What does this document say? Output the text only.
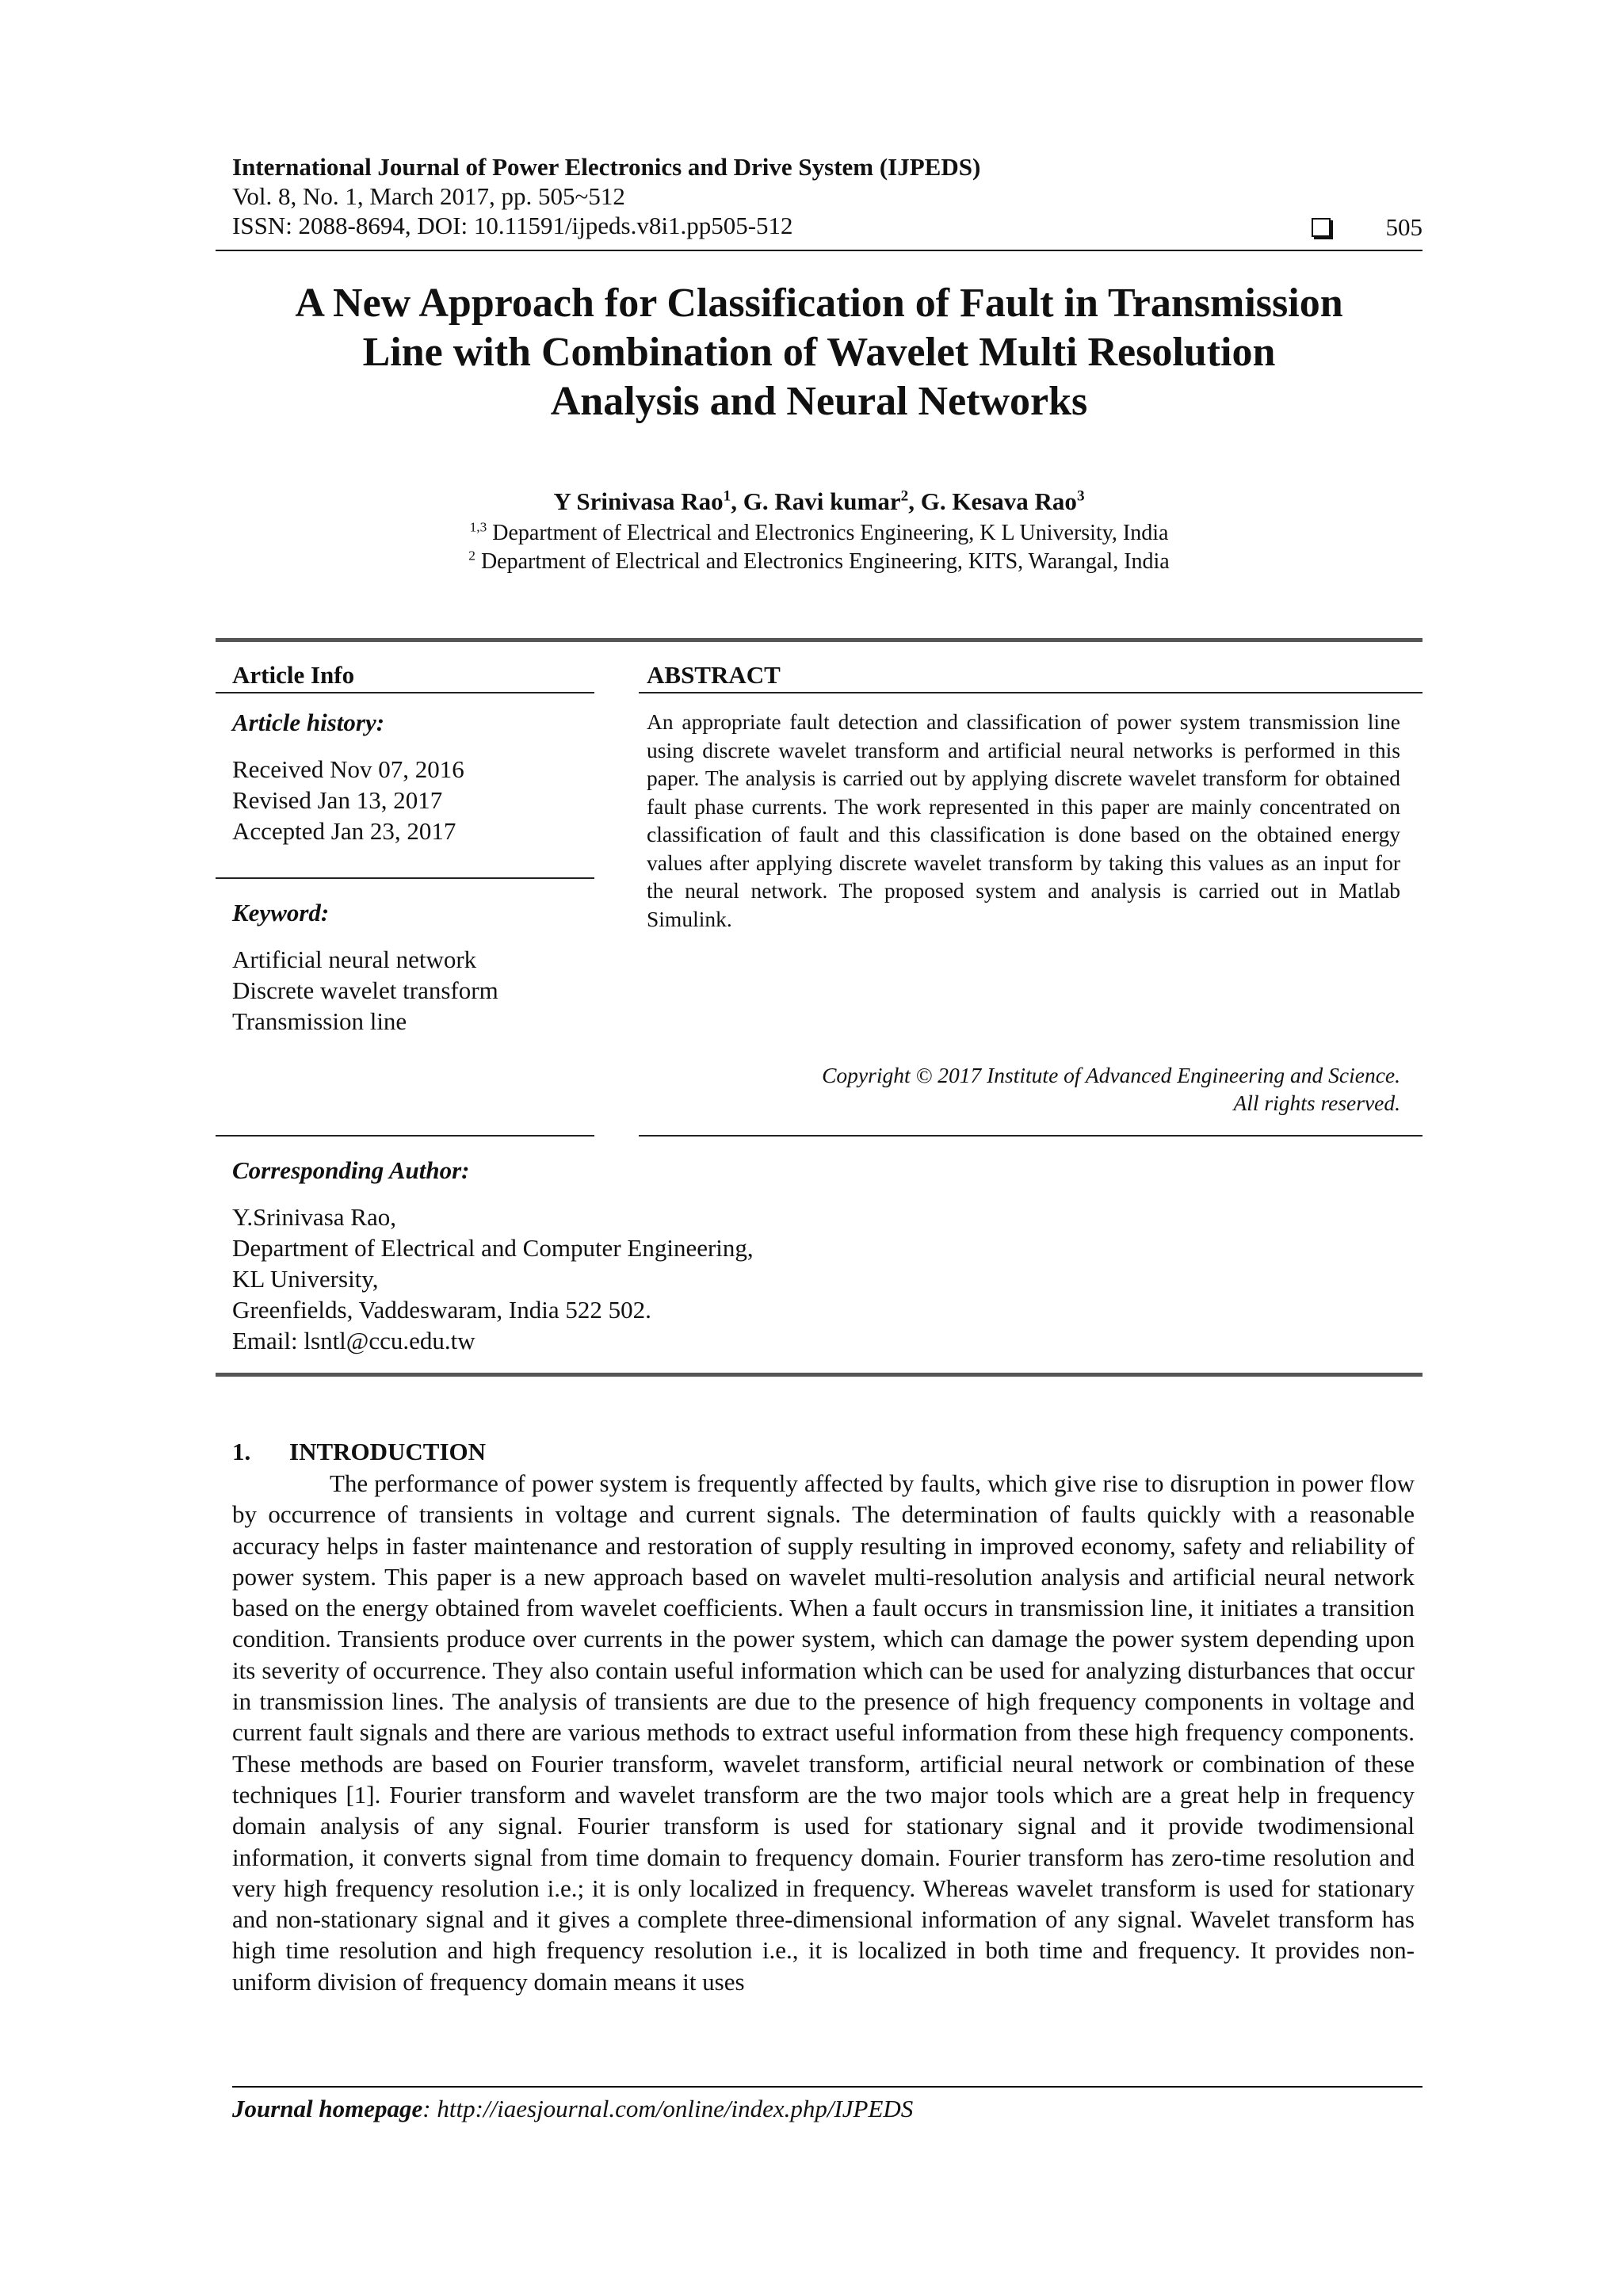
International Journal of Power Electronics and Drive System (IJPEDS)
Vol. 8, No. 1, March 2017, pp. 505~512
ISSN: 2088-8694, DOI: 10.11591/ijpeds.v8i1.pp505-512	505
A New Approach for Classification of Fault in Transmission
Line with Combination of Wavelet Multi Resolution
Analysis and Neural Networks
Y Srinivasa Rao$^1$, G. Ravi kumar$^2$, G. Kesava Rao$^3$
$^{1,3}$ Department of Electrical and Electronics Engineering, K L University, India
$^2$ Department of Electrical and Electronics Engineering, KITS, Warangal, India
Article Info
Article history:
Received Nov 07, 2016
Revised Jan 13, 2017
Accepted Jan 23, 2017
Keyword:
Artificial neural network
Discrete wavelet transform
Transmission line
ABSTRACT
An appropriate fault detection and classification of power system transmission line using discrete wavelet transform and artificial neural networks is performed in this paper. The analysis is carried out by applying discrete wavelet transform for obtained fault phase currents. The work represented in this paper are mainly concentrated on classification of fault and this classification is done based on the obtained energy values after applying discrete wavelet transform by taking this values as an input for the neural network. The proposed system and analysis is carried out in Matlab Simulink.
Copyright © 2017 Institute of Advanced Engineering and Science.
All rights reserved.
Corresponding Author:
Y.Srinivasa Rao,
Department of Electrical and Computer Engineering,
KL University,
Greenfields, Vaddeswaram, India 522 502.
Email: lsntl@ccu.edu.tw
1. INTRODUCTION

The performance of power system is frequently affected by faults, which give rise to disruption in power flow by occurrence of transients in voltage and current signals. The determination of faults quickly with a reasonable accuracy helps in faster maintenance and restoration of supply resulting in improved economy, safety and reliability of power system. This paper is a new approach based on wavelet multi-resolution analysis and artificial neural network based on the energy obtained from wavelet coefficients. When a fault occurs in transmission line, it initiates a transition condition. Transients produce over currents in the power system, which can damage the power system depending upon its severity of occurrence. They also contain useful information which can be used for analyzing disturbances that occur in transmission lines. The analysis of transients are due to the presence of high frequency components in voltage and current fault signals and there are various methods to extract useful information from these high frequency components. These methods are based on Fourier transform, wavelet transform, artificial neural network or combination of these techniques [1]. Fourier transform and wavelet transform are the two major tools which are a great help in frequency domain analysis of any signal. Fourier transform is used for stationary signal and it provide twodimensional information, it converts signal from time domain to frequency domain. Fourier transform has zero-time resolution and very high frequency resolution i.e.; it is only localized in frequency. Whereas wavelet transform is used for stationary and non-stationary signal and it gives a complete three-dimensional information of any signal. Wavelet transform has high time resolution and high frequency resolution i.e., it is localized in both time and frequency. It provides non-uniform division of frequency domain means it uses

Journal homepage: http://iaesjournal.com/online/index.php/IJPEDS
